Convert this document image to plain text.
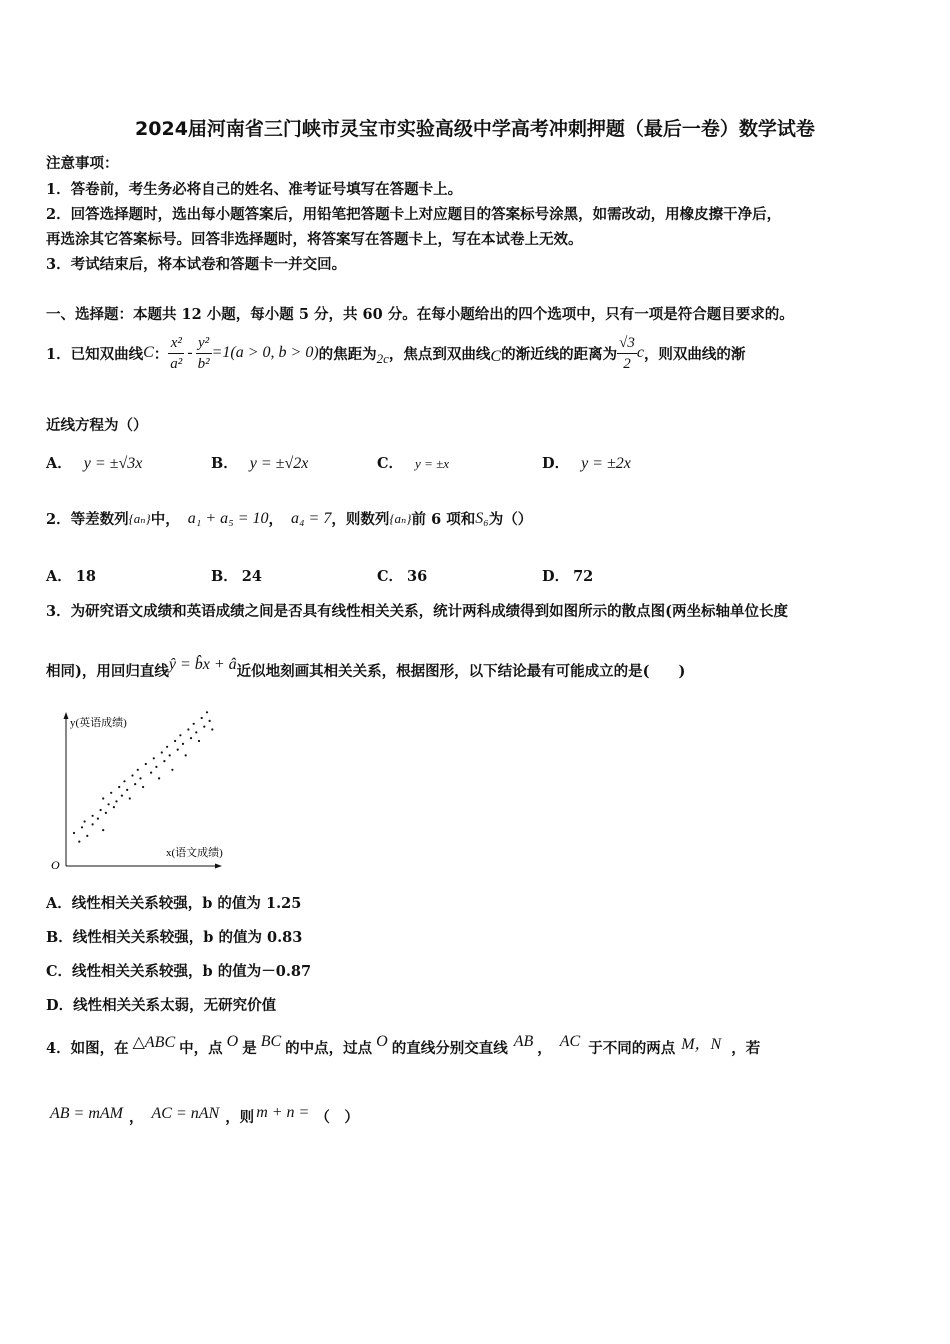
2024届河南省三门峡市灵宝市实验高级中学高考冲刺押题（最后一卷）数学试卷
注意事项：
1．答卷前，考生务必将自己的姓名、准考证号填写在答题卡上。
2．回答选择题时，选出每小题答案后，用铅笔把答题卡上对应题目的答案标号涂黑，如需改动，用橡皮擦干净后，
再选涂其它答案标号。回答非选择题时，将答案写在答题卡上，写在本试卷上无效。
3．考试结束后，将本试卷和答题卡一并交回。
一、选择题：本题共 12 小题，每小题 5 分，共 60 分。在每小题给出的四个选项中，只有一项是符合题目要求的。
1．已知双曲线 C ： $\frac{\text{x²}}{\text{a²}} - \frac{\text{y²}}{\text{b²}} =1(a > 0$, b > 0) 的焦距为 2c ，焦点到双曲线 C 的渐近线的距离为 $\frac{√3}{2}$ c ，则双曲线的渐
近线方程为（）
A． y = ±√3x	B． y = ±√2x	C． y = ±x	D． y = ±2x
2．等差数列 {aₙ} 中， a₁ + a₅ = 10 ， a₄ = 7 ，则数列 {aₙ} 前 6 项和 S₆ 为（）
A． 18	B． 24	C． 36	D． 72
3．为研究语文成绩和英语成绩之间是否具有线性相关关系，统计两科成绩得到如图所示的散点图(两坐标轴单位长度
相同)，用回归直线 ŷ = b̂x + â 近似地刻画其相关关系，根据图形，以下结论最有可能成立的是(　　)
y(英语成绩)
x(语文成绩)
O
A．线性相关关系较强，b 的值为 1.25
B．线性相关关系较强，b 的值为 0.83
C．线性相关关系较强，b 的值为－0.87
D．线性相关关系太弱，无研究价值
4．如图，在 △ABC 中，点 O 是 BC 的中点，过点 O 的直线分别交直线 AB ， AC 于不同的两点 M，N ，若
AB = mAM ， AC = nAN ，则 m + n = （　）
